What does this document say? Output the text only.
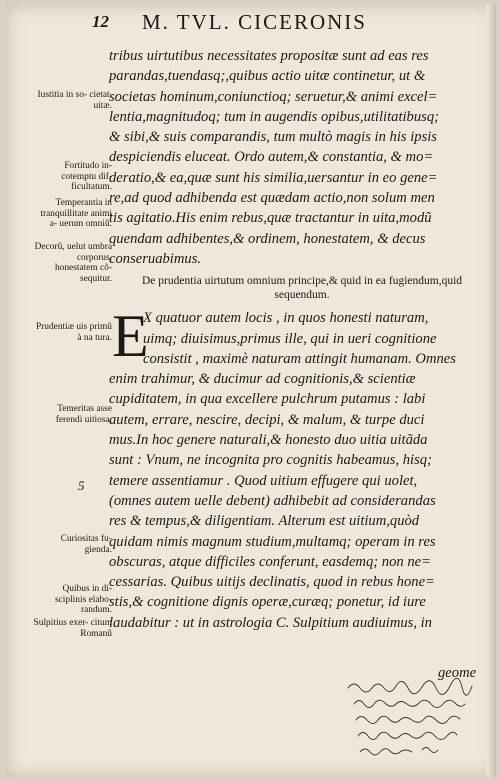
12 M. TVL. CICERONIS
Iustitia in so- cietat. uitæ.
Fortitudo in- cotemptu dif- ficultatum.
Temperantia in tranquillitate animi a- uerum omniũ.
Decorũ, uelut umbra corporus, honestatem cõ- sequitur.
Prudentiæ uis primũ à na tura.
Temeritas asse ferendi uitiosa.
Curiositas fu- gienda.
Quibus in di- sciplinis elabo- randum.
Sulpitius exer- citum Romanũ
5
tribus uirtutibus necessitates propositæ sunt ad eas res
parandas,tuendasq;,quibus actio uitæ continetur, ut &
societas hominum,coniunctioq; seruetur,& animi excel=
lentia,magnitudoq; tum in augendis opibus,utilitatibusq;
& sibi,& suis comparandis, tum multò magis in his ipsis
despiciendis eluceat. Ordo autem,& constantia, & mo=
deratio,& ea,quæ sunt his similia,uersantur in eo gene=
re,ad quod adhibenda est quædam actio,non solum men
tis agitatio.His enim rebus,quæ tractantur in uita,modũ
quendam adhibentes,& ordinem, honestatem, & decus
conseruabimus.
De prudentia uirtutum omnium principe,& quid in ea fugiendum,quid sequendum.
E
X quatuor autem locis , in quos honesti naturam,
uimq; diuisimus,primus ille, qui in ueri cognitione
consistit , maximè naturam attingit humanam. Omnes
enim trahimur, & ducimur ad cognitionis,& scientiæ
cupiditatem, in qua excellere pulchrum putamus : labi
autem, errare, nescire, decipi, & malum, & turpe duci
mus.In hoc genere naturali,& honesto duo uitia uitãda
sunt : Vnum, ne incognita pro cognitis habeamus, hisq;
temere assentiamur . Quod uitium effugere qui uolet,
(omnes autem uelle debent) adhibebit ad considerandas
res & tempus,& diligentiam. Alterum est uitium,quòd
quidam nimis magnum studium,multamq; operam in res
obscuras, atque difficiles conferunt, easdemq; non ne=
cessarias. Quibus uitijs declinatis, quod in rebus hone=
stis,& cognitione dignis operæ,curæq; ponetur, id iure
laudabitur : ut in astrologia C. Sulpitium audiuimus, in
geome
